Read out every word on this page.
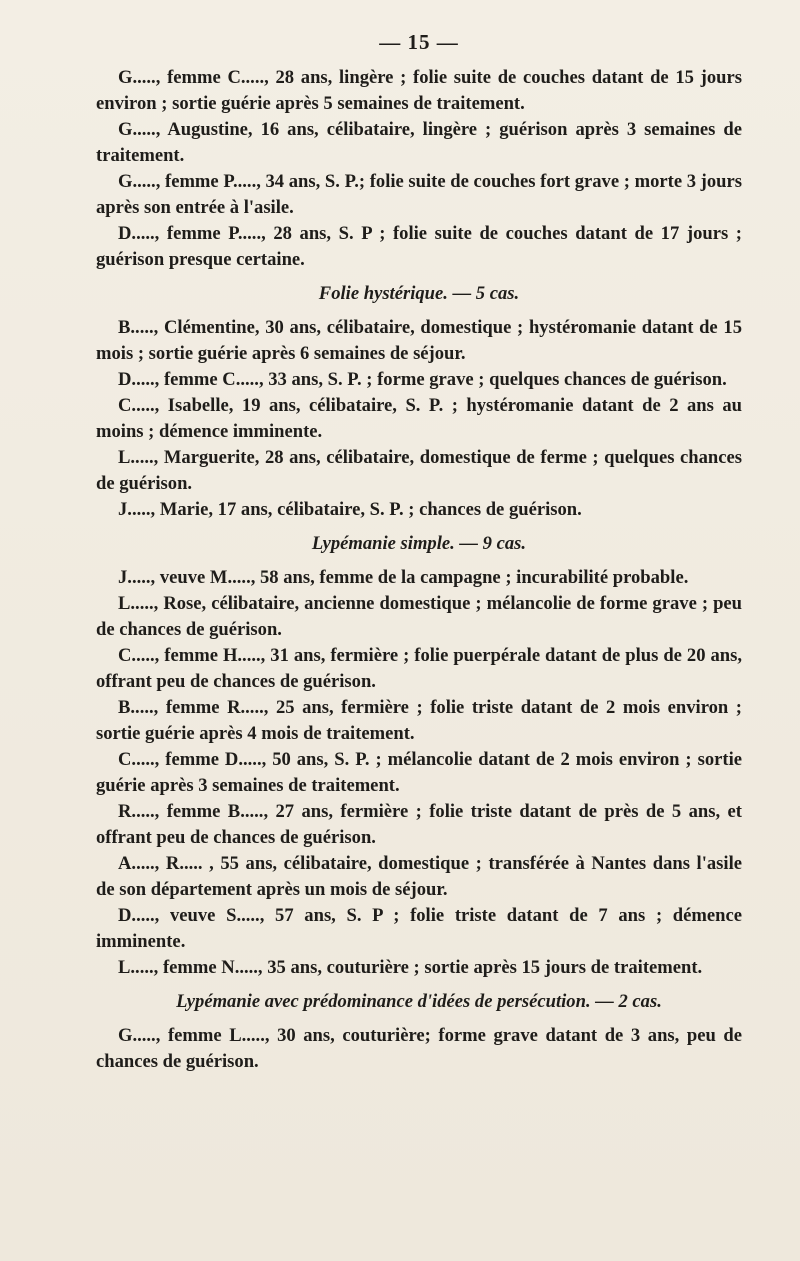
— 15 —

G....., femme C....., 28 ans, lingère ; folie suite de couches datant de 15 jours environ ; sortie guérie après 5 semaines de traitement.

G....., Augustine, 16 ans, célibataire, lingère ; guérison après 3 semaines de traitement.

G....., femme P....., 34 ans, S. P.; folie suite de couches fort grave ; morte 3 jours après son entrée à l'asile.

D....., femme P....., 28 ans, S. P ; folie suite de couches datant de 17 jours ; guérison presque certaine.

Folie hystérique. — 5 cas.

B....., Clémentine, 30 ans, célibataire, domestique ; hystéromanie datant de 15 mois ; sortie guérie après 6 semaines de séjour.

D....., femme C....., 33 ans, S. P. ; forme grave ; quelques chances de guérison.

C....., Isabelle, 19 ans, célibataire, S. P. ; hystéromanie datant de 2 ans au moins ; démence imminente.

L....., Marguerite, 28 ans, célibataire, domestique de ferme ; quelques chances de guérison.

J....., Marie, 17 ans, célibataire, S. P. ; chances de guérison.

Lypémanie simple. — 9 cas.

J....., veuve M....., 58 ans, femme de la campagne ; incurabilité probable.

L....., Rose, célibataire, ancienne domestique ; mélancolie de forme grave ; peu de chances de guérison.

C....., femme H....., 31 ans, fermière ; folie puerpérale datant de plus de 20 ans, offrant peu de chances de guérison.

B....., femme R....., 25 ans, fermière ; folie triste datant de 2 mois environ ; sortie guérie après 4 mois de traitement.

C....., femme D....., 50 ans, S. P. ; mélancolie datant de 2 mois environ ; sortie guérie après 3 semaines de traitement.

R....., femme B....., 27 ans, fermière ; folie triste datant de près de 5 ans, et offrant peu de chances de guérison.

A....., R..... , 55 ans, célibataire, domestique ; transférée à Nantes dans l'asile de son département après un mois de séjour.

D....., veuve S....., 57 ans, S. P ; folie triste datant de 7 ans ; démence imminente.

L....., femme N....., 35 ans, couturière ; sortie après 15 jours de traitement.

Lypémanie avec prédominance d'idées de persécution. — 2 cas.

G....., femme L....., 30 ans, couturière; forme grave datant de 3 ans, peu de chances de guérison.
